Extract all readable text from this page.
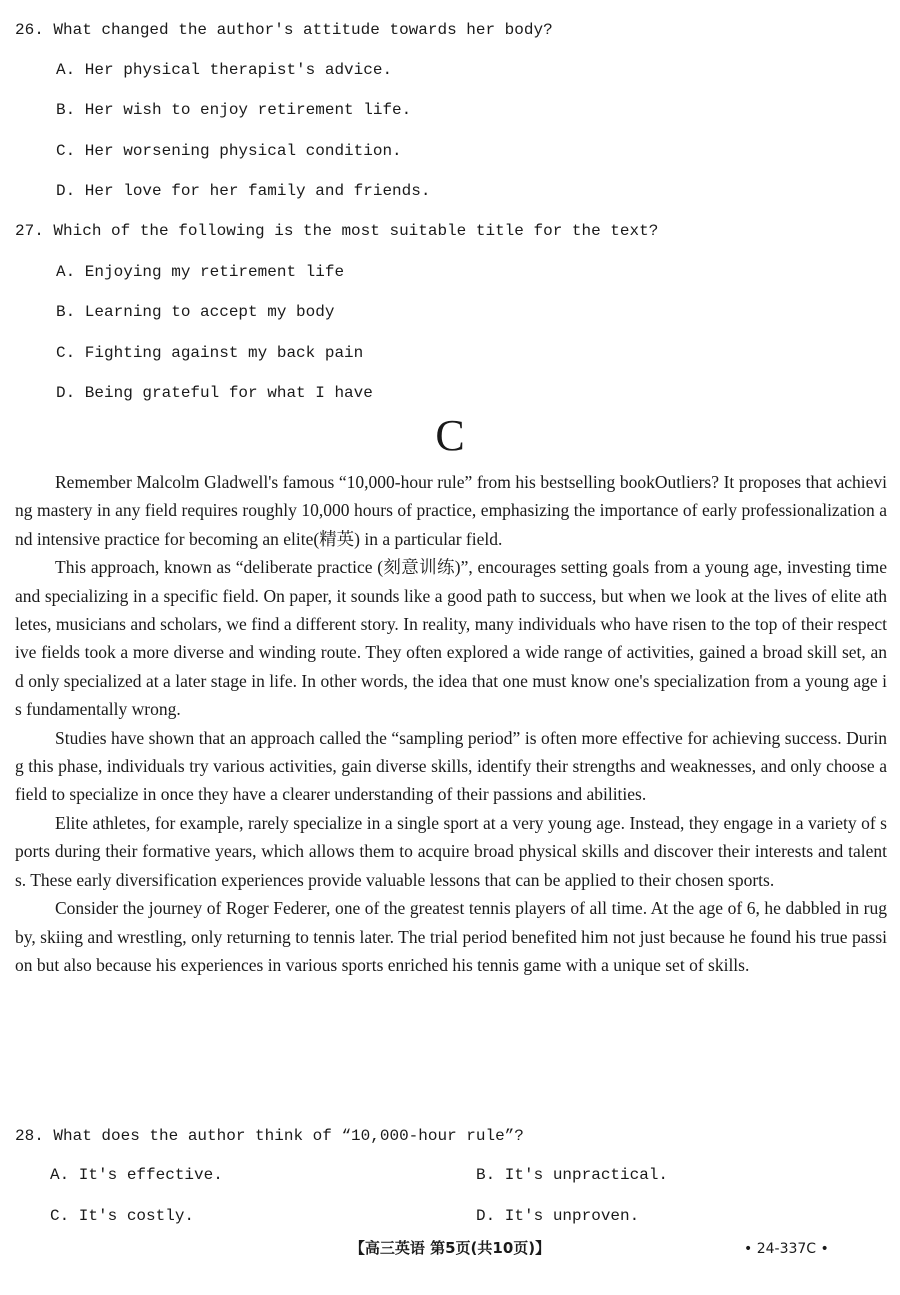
26. What changed the author's attitude towards her body?
A. Her physical therapist's advice.
B. Her wish to enjoy retirement life.
C. Her worsening physical condition.
D. Her love for her family and friends.
27. Which of the following is the most suitable title for the text?
A. Enjoying my retirement life
B. Learning to accept my body
C. Fighting against my back pain
D. Being grateful for what I have
C

Remember Malcolm Gladwell's famous “10,000-hour rule” from his bestselling bookOutliers? It proposes that achieving mastery in any field requires roughly 10,000 hours of practice, emphasizing the importance of early professionalization and intensive practice for becoming an elite(精英) in a particular field.

This approach, known as “deliberate practice (刻意训练)”, encourages setting goals from a young age, investing time and specializing in a specific field. On paper, it sounds like a good path to success, but when we look at the lives of elite athletes, musicians and scholars, we find a different story. In reality, many individuals who have risen to the top of their respective fields took a more diverse and winding route. They often explored a wide range of activities, gained a broad skill set, and only specialized at a later stage in life. In other words, the idea that one must know one's specialization from a young age is fundamentally wrong.

Studies have shown that an approach called the “sampling period” is often more effective for achieving success. During this phase, individuals try various activities, gain diverse skills, identify their strengths and weaknesses, and only choose a field to specialize in once they have a clearer understanding of their passions and abilities.

Elite athletes, for example, rarely specialize in a single sport at a very young age. Instead, they engage in a variety of sports during their formative years, which allows them to acquire broad physical skills and discover their interests and talents. These early diversification experiences provide valuable lessons that can be applied to their chosen sports.

Consider the journey of Roger Federer, one of the greatest tennis players of all time. At the age of 6, he dabbled in rugby, skiing and wrestling, only returning to tennis later. The trial period benefited him not just because he found his true passion but also because his experiences in various sports enriched his tennis game with a unique set of skills.

28. What does the author think of “10,000-hour rule”?
A. It's effective.	B. It's unpractical.
C. It's costly.	D. It's unproven.
【高三英语 第5页(共10页)】	• 24-337C •
